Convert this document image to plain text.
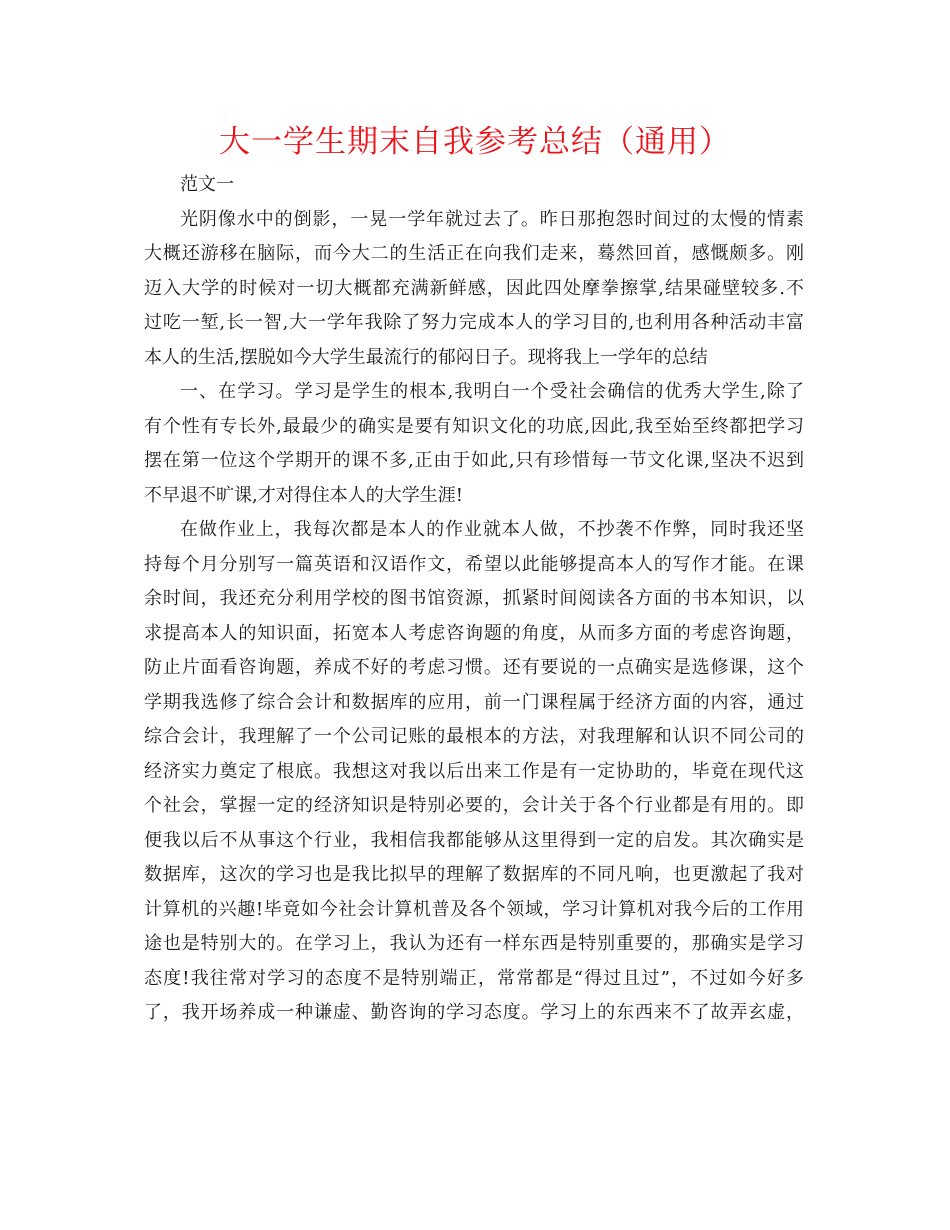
大一学生期末自我参考总结（通用）
范文一
光阴像水中的倒影，一晃一学年就过去了。昨日那抱怨时间过的太慢的情素
大概还游移在脑际，而今大二的生活正在向我们走来，蓦然回首，感慨颇多。刚
迈入大学的时候对一切大概都充满新鲜感，因此四处摩拳擦掌,结果碰壁较多.不
过吃一堑,长一智,大一学年我除了努力完成本人的学习目的,也利用各种活动丰富
本人的生活,摆脱如今大学生最流行的郁闷日子。现将我上一学年的总结
一、在学习。学习是学生的根本,我明白一个受社会确信的优秀大学生,除了
有个性有专长外,最最少的确实是要有知识文化的功底,因此,我至始至终都把学习
摆在第一位这个学期开的课不多,正由于如此,只有珍惜每一节文化课,坚决不迟到
不早退不旷课,才对得住本人的大学生涯!
在做作业上，我每次都是本人的作业就本人做，不抄袭不作弊，同时我还坚
持每个月分别写一篇英语和汉语作文，希望以此能够提高本人的写作才能。在课
余时间，我还充分利用学校的图书馆资源，抓紧时间阅读各方面的书本知识，以
求提高本人的知识面，拓宽本人考虑咨询题的角度，从而多方面的考虑咨询题，
防止片面看咨询题，养成不好的考虑习惯。还有要说的一点确实是选修课，这个
学期我选修了综合会计和数据库的应用，前一门课程属于经济方面的内容，通过
综合会计，我理解了一个公司记账的最根本的方法，对我理解和认识不同公司的
经济实力奠定了根底。我想这对我以后出来工作是有一定协助的，毕竟在现代这
个社会，掌握一定的经济知识是特别必要的，会计关于各个行业都是有用的。即
便我以后不从事这个行业，我相信我都能够从这里得到一定的启发。其次确实是
数据库，这次的学习也是我比拟早的理解了数据库的不同凡响，也更激起了我对
计算机的兴趣!毕竟如今社会计算机普及各个领域，学习计算机对我今后的工作用
途也是特别大的。在学习上，我认为还有一样东西是特别重要的，那确实是学习
态度!我往常对学习的态度不是特别端正，常常都是“得过且过”，不过如今好多
了，我开场养成一种谦虚、勤咨询的学习态度。学习上的东西来不了故弄玄虚，
